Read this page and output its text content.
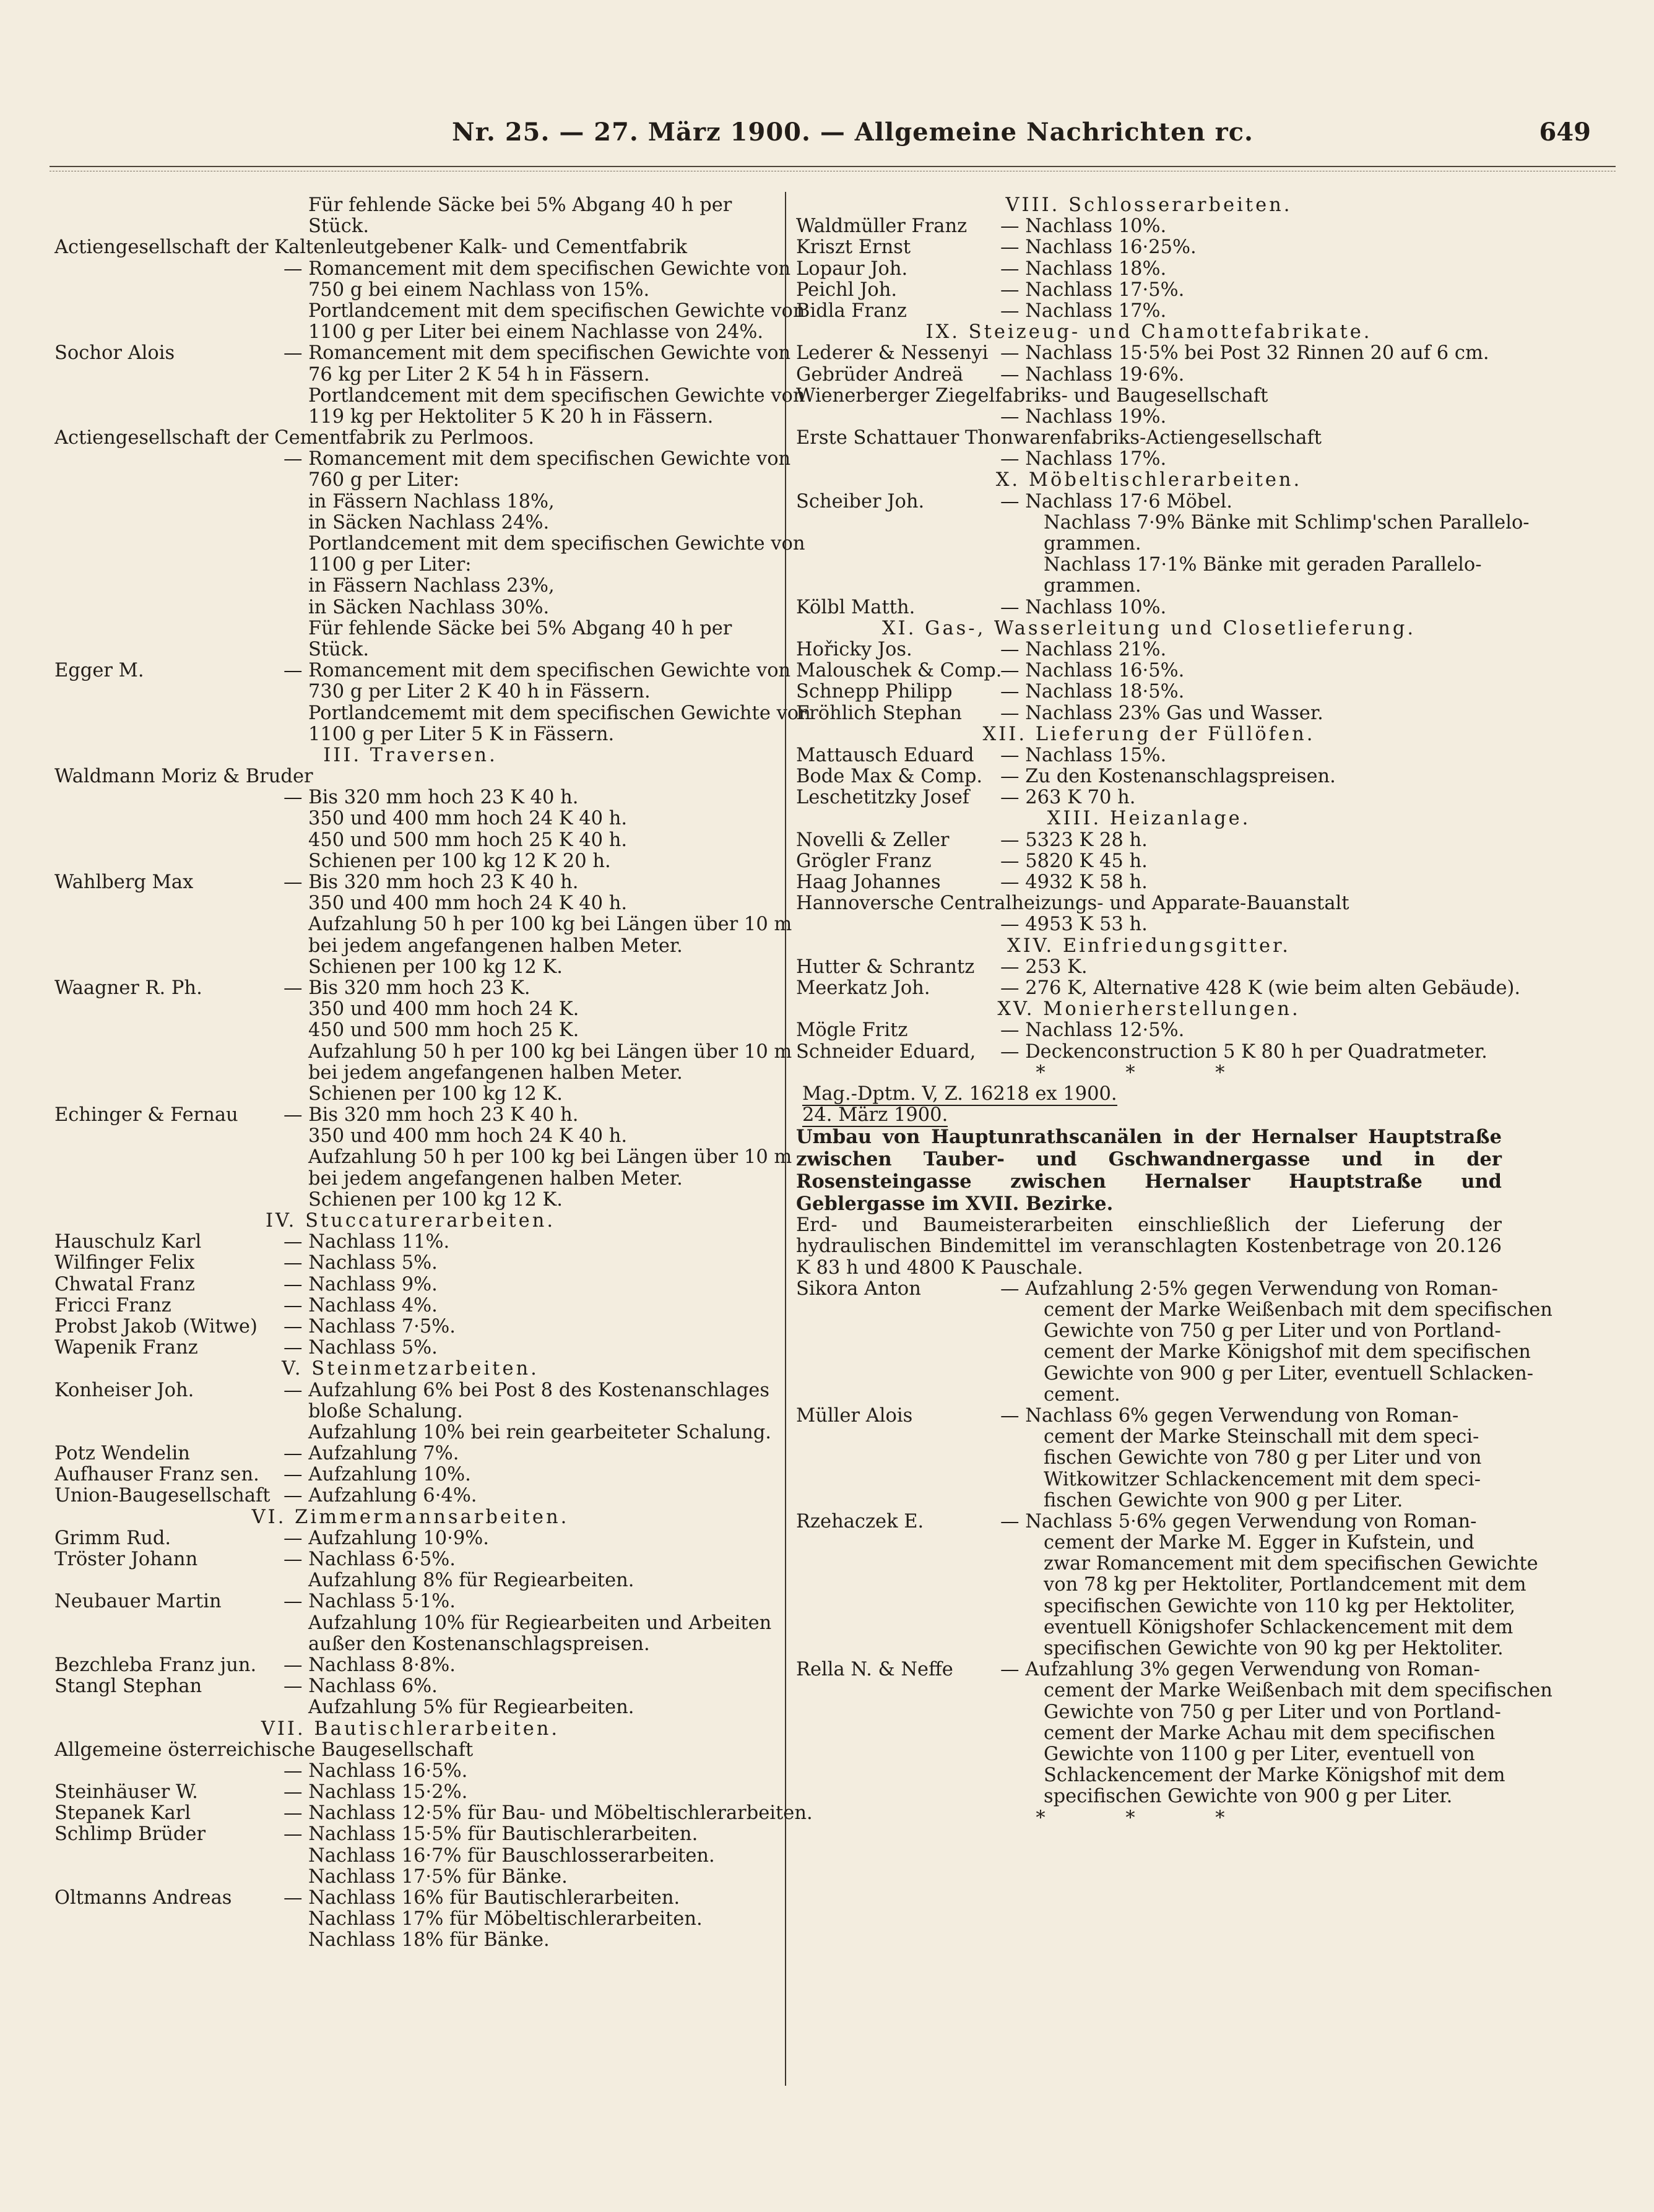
Nr. 25. — 27. März 1900. — Allgemeine Nachrichten rc.	649
Für fehlende Säcke bei 5% Abgang 40 h per
Stück.
Actiengesellschaft der Kaltenleutgebener Kalk- und Cementfabrik
— Romancement mit dem specifischen Gewichte von
750 g bei einem Nachlass von 15%.
Portlandcement mit dem specifischen Gewichte von
1100 g per Liter bei einem Nachlasse von 24%.
Sochor Alois	— Romancement mit dem specifischen Gewichte von
76 kg per Liter 2 K 54 h in Fässern.
Portlandcement mit dem specifischen Gewichte von
119 kg per Hektoliter 5 K 20 h in Fässern.
Actiengesellschaft der Cementfabrik zu Perlmoos.
— Romancement mit dem specifischen Gewichte von
760 g per Liter:
in Fässern Nachlass 18%,
in Säcken Nachlass 24%.
Portlandcement mit dem specifischen Gewichte von
1100 g per Liter:
in Fässern Nachlass 23%,
in Säcken Nachlass 30%.
Für fehlende Säcke bei 5% Abgang 40 h per
Stück.
Egger M.	— Romancement mit dem specifischen Gewichte von
730 g per Liter 2 K 40 h in Fässern.
Portlandcememt mit dem specifischen Gewichte von
1100 g per Liter 5 K in Fässern.
III. Traversen.
Waldmann Moriz & Bruder
— Bis 320 mm hoch 23 K 40 h.
350 und 400 mm hoch 24 K 40 h.
450 und 500 mm hoch 25 K 40 h.
Schienen per 100 kg 12 K 20 h.
Wahlberg Max	— Bis 320 mm hoch 23 K 40 h.
350 und 400 mm hoch 24 K 40 h.
Aufzahlung 50 h per 100 kg bei Längen über 10 m
bei jedem angefangenen halben Meter.
Schienen per 100 kg 12 K.
Waagner R. Ph.	— Bis 320 mm hoch 23 K.
350 und 400 mm hoch 24 K.
450 und 500 mm hoch 25 K.
Aufzahlung 50 h per 100 kg bei Längen über 10 m
bei jedem angefangenen halben Meter.
Schienen per 100 kg 12 K.
Echinger & Fernau — Bis 320 mm hoch 23 K 40 h.
350 und 400 mm hoch 24 K 40 h.
Aufzahlung 50 h per 100 kg bei Längen über 10 m
bei jedem angefangenen halben Meter.
Schienen per 100 kg 12 K.
IV. Stuccaturerarbeiten.
Hauschulz Karl	— Nachlass 11%.
Wilfinger Felix	— Nachlass 5%.
Chwatal Franz	— Nachlass 9%.
Fricci Franz	— Nachlass 4%.
Probst Jakob (Witwe) — Nachlass 7·5%.
Wapenik Franz	— Nachlass 5%.
V. Steinmetzarbeiten.
Konheiser Joh.	— Aufzahlung 6% bei Post 8 des Kostenanschlages
bloße Schalung.
Aufzahlung 10% bei rein gearbeiteter Schalung.
Potz Wendelin	— Aufzahlung 7%.
Aufhauser Franz sen. — Aufzahlung 10%.
Union-Baugesellschaft — Aufzahlung 6·4%.
VI. Zimmermannsarbeiten.
Grimm Rud.	— Aufzahlung 10·9%.
Tröster Johann	— Nachlass 6·5%.
Aufzahlung 8% für Regiearbeiten.
Neubauer Martin	— Nachlass 5·1%.
Aufzahlung 10% für Regiearbeiten und Arbeiten
außer den Kostenanschlagspreisen.
Bezchleba Franz jun. — Nachlass 8·8%.
Stangl Stephan	— Nachlass 6%.
Aufzahlung 5% für Regiearbeiten.
VII. Bautischlerarbeiten.
Allgemeine österreichische Baugesellschaft
— Nachlass 16·5%.
Steinhäuser W.	— Nachlass 15·2%.
Stepanek Karl	— Nachlass 12·5% für Bau- und Möbeltischlerarbeiten.
Schlimp Brüder	— Nachlass 15·5% für Bautischlerarbeiten.
Nachlass 16·7% für Bauschlosserarbeiten.
Nachlass 17·5% für Bänke.
Oltmanns Andreas	— Nachlass 16% für Bautischlerarbeiten.
Nachlass 17% für Möbeltischlerarbeiten.
Nachlass 18% für Bänke.
VIII. Schlosserarbeiten.
Waldmüller Franz — Nachlass 10%.
Kriszt Ernst	— Nachlass 16·25%.
Lopaur Joh.	— Nachlass 18%.
Peichl Joh.	— Nachlass 17·5%.
Bidla Franz	— Nachlass 17%.
IX. Steizeug- und Chamottefabrikate.
Lederer & Nessenyi — Nachlass 15·5% bei Post 32 Rinnen 20 auf 6 cm.
Gebrüder Andreä — Nachlass 19·6%.
Wienerberger Ziegelfabriks- und Baugesellschaft
— Nachlass 19%.
Erste Schattauer Thonwarenfabriks-Actiengesellschaft
— Nachlass 17%.
X. Möbeltischlerarbeiten.
Scheiber Joh.	— Nachlass 17·6 Möbel.
Nachlass 7·9% Bänke mit Schlimp'schen Parallelo-
grammen.
Nachlass 17·1% Bänke mit geraden Parallelo-
grammen.
Kölbl Matth.	— Nachlass 10%.
XI. Gas-, Wasserleitung und Closetlieferung.
Hořicky Jos.	— Nachlass 21%.
Malouschek & Comp.
— Nachlass 16·5%.
Schnepp Philipp	— Nachlass 18·5%.
Fröhlich Stephan — Nachlass 23% Gas und Wasser.
XII. Lieferung der Füllöfen.
Mattausch Eduard — Nachlass 15%.
Bode Max & Comp. — Zu den Kostenanschlagspreisen.
Leschetitzky Josef — 263 K 70 h.
XIII. Heizanlage.
Novelli & Zeller	— 5323 K 28 h.
Grögler Franz	— 5820 K 45 h.
Haag Johannes	— 4932 K 58 h.
Hannoversche Centralheizungs- und Apparate-Bauanstalt
— 4953 K 53 h.
XIV. Einfriedungsgitter.
Hutter & Schrantz — 253 K.
Meerkatz Joh.	— 276 K, Alternative 428 K (wie beim alten Gebäude).
XV. Monierherstellungen.
Mögle Fritz	— Nachlass 12·5%.
Schneider Eduard, — Deckenconstruction 5 K 80 h per Quadratmeter.
* * *
Mag.-Dptm. V, Z. 16218 ex 1900.
24. März 1900.
Umbau von Hauptunrathscanälen in der Hernalser Hauptstraße zwischen Tauber- und Gschwandnergasse und in der Rosensteingasse zwischen Hernalser Hauptstraße und Geblergasse im XVII. Bezirke.
Erd- und Baumeisterarbeiten einschließlich der Lieferung der hydraulischen Bindemittel im veranschlagten Kostenbetrage von 20.126 K 83 h und 4800 K Pauschale.
Sikora Anton	— Aufzahlung 2·5% gegen Verwendung von Roman-
cement der Marke Weißenbach mit dem specifischen
Gewichte von 750 g per Liter und von Portland-
cement der Marke Königshof mit dem specifischen
Gewichte von 900 g per Liter, eventuell Schlacken-
cement.
Müller Alois	— Nachlass 6% gegen Verwendung von Roman-
cement der Marke Steinschall mit dem speci-
fischen Gewichte von 780 g per Liter und von
Witkowitzer Schlackencement mit dem speci-
fischen Gewichte von 900 g per Liter.
Rzehaczek E.	— Nachlass 5·6% gegen Verwendung von Roman-
cement der Marke M. Egger in Kufstein, und
zwar Romancement mit dem specifischen Gewichte
von 78 kg per Hektoliter, Portlandcement mit dem
specifischen Gewichte von 110 kg per Hektoliter,
eventuell Königshofer Schlackencement mit dem
specifischen Gewichte von 90 kg per Hektoliter.
Rella N. & Neffe — Aufzahlung 3% gegen Verwendung von Roman-
cement der Marke Weißenbach mit dem specifischen
Gewichte von 750 g per Liter und von Portland-
cement der Marke Achau mit dem specifischen
Gewichte von 1100 g per Liter, eventuell von
Schlackencement der Marke Königshof mit dem
specifischen Gewichte von 900 g per Liter.
* * *
